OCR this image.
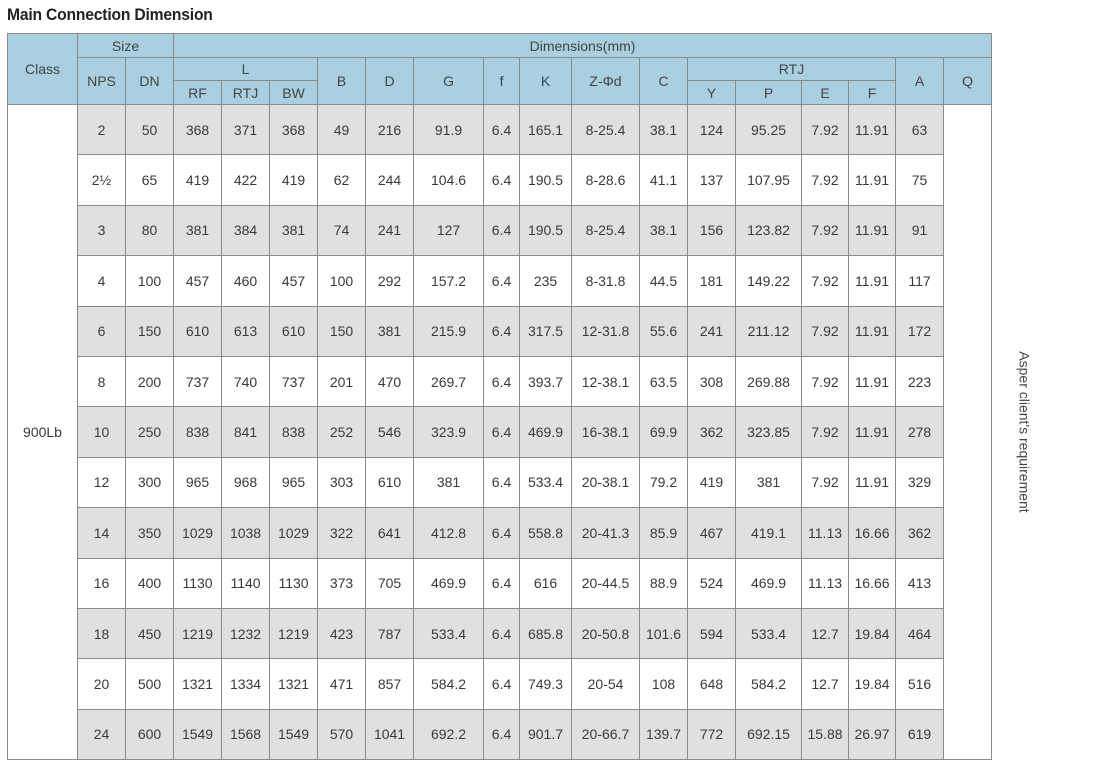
Main Connection Dimension
Class	Size		Dimensions(mm)															
	NPS	DN	L			B	D	G	f	K	Z-Φd	C	RTJ				A	Q
			RF	RTJ	BW								Y	P	E	F		
900Lb	2	50	368	371	368	49	216	91.9	6.4	165.1	8-25.4	38.1	124	95.25	7.92	11.91	63	Asper client's requirement
	2½	65	419	422	419	62	244	104.6	6.4	190.5	8-28.6	41.1	137	107.95	7.92	11.91	75	
	3	80	381	384	381	74	241	127	6.4	190.5	8-25.4	38.1	156	123.82	7.92	11.91	91	
	4	100	457	460	457	100	292	157.2	6.4	235	8-31.8	44.5	181	149.22	7.92	11.91	117	
	6	150	610	613	610	150	381	215.9	6.4	317.5	12-31.8	55.6	241	211.12	7.92	11.91	172	
	8	200	737	740	737	201	470	269.7	6.4	393.7	12-38.1	63.5	308	269.88	7.92	11.91	223	
	10	250	838	841	838	252	546	323.9	6.4	469.9	16-38.1	69.9	362	323.85	7.92	11.91	278	
	12	300	965	968	965	303	610	381	6.4	533.4	20-38.1	79.2	419	381	7.92	11.91	329	
	14	350	1029	1038	1029	322	641	412.8	6.4	558.8	20-41.3	85.9	467	419.1	11.13	16.66	362	
	16	400	1130	1140	1130	373	705	469.9	6.4	616	20-44.5	88.9	524	469.9	11.13	16.66	413	
	18	450	1219	1232	1219	423	787	533.4	6.4	685.8	20-50.8	101.6	594	533.4	12.7	19.84	464	
	20	500	1321	1334	1321	471	857	584.2	6.4	749.3	20-54	108	648	584.2	12.7	19.84	516	
	24	600	1549	1568	1549	570	1041	692.2	6.4	901.7	20-66.7	139.7	772	692.15	15.88	26.97	619	
